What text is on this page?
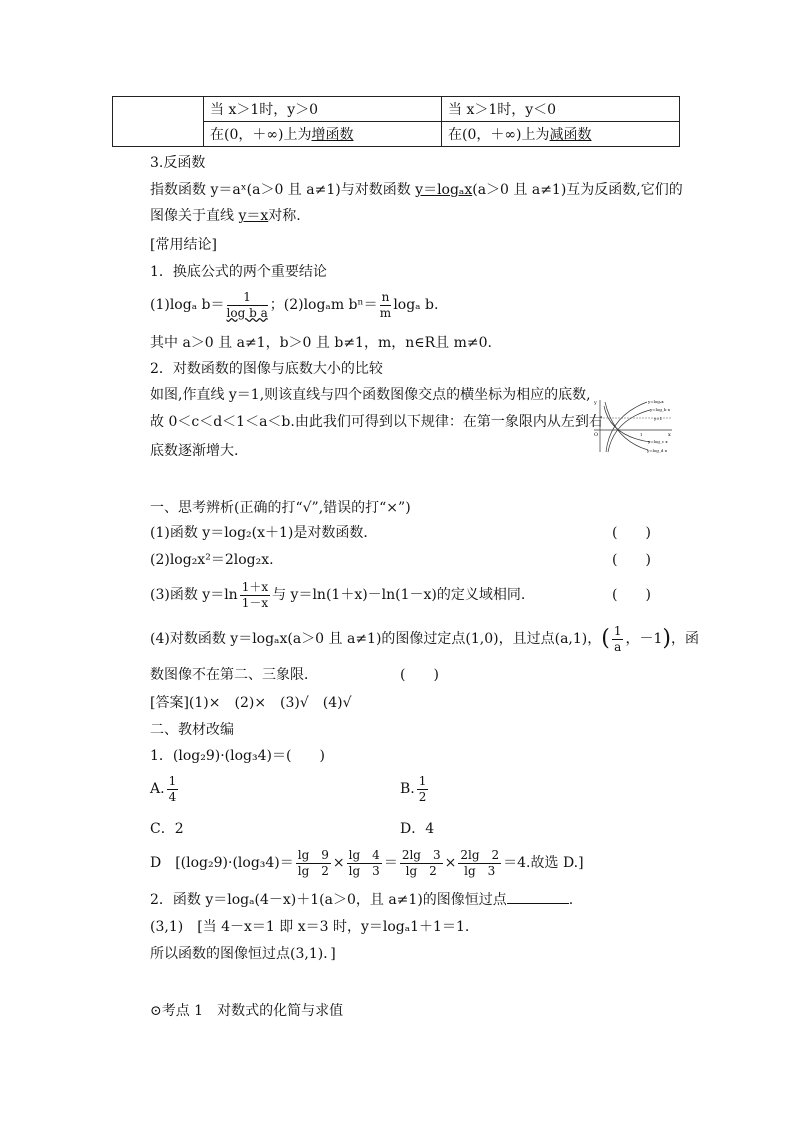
	当 x＞1时，y＞0	当 x＞1时，y＜0
	在(0，＋∞)上为增函数	在(0，＋∞)上为减函数
3.反函数
指数函数 y＝aˣ(a＞0 且 a≠1)与对数函数 y＝logₐx(a＞0 且 a≠1)互为反函数,它们的
图像关于直线 y＝x对称.
[常用结论]
1．换底公式的两个重要结论
(1)logₐ $b= \frac{1}{\text{log b a}}$ ；(2)logₐm $b^n= \frac{n}{m}$ logₐ b.
其中 a＞0 且 a≠1，b＞0 且 b≠1，m，n∈R且 m≠0.
2．对数函数的图像与底数大小的比较
如图,作直线 y＝1,则该直线与四个函数图像交点的横坐标为相应的底数,
故 0＜c＜d＜1＜a＜b.由此我们可得到以下规律：在第一象限内从左到右
底数逐渐增大.
y
x
O	1
y=logₐx
y=log_b x
y=1
y=log_c x
y=log_d x
一、思考辨析(正确的打“√”,错误的打“×”)
(1)函数 y＝log₂(x＋1)是对数函数．	(　　)
(2)log₂x²＝2log₂x.	(　　)
(3)函数 $y=\ln \frac{1+x}{1-x}$ 与 y＝ln(1＋x)－ln(1－x)的定义域相同.	(　　)
(4)对数函数 y＝logₐx(a＞0 且 a≠1)的图像过定点(1,0)，且过点(a,1)，( $\frac{1}{a}$ ，－1)，函
数图像不在第二、三象限．	(　　)
[答案](1)×　(2)×　(3)√　(4)√
二、教材改编
1．(log₂9)·(log₃4)＝(　　)
A. $\frac{1}{4}$	B. $\frac{1}{2}$
C．2	D．4
D　[$(\log_29)\cdot(\log_34)= \frac{\lg 9}{\lg 2} \times \frac{\lg 4}{\lg 3} = \frac{2\lg 3}{\lg 2} \times \frac{2\lg 2}{\lg 3} =4$.故选 D.]
2．函数 y＝logₐ(4－x)＋1(a＞0，且 a≠1)的图像恒过点	.
(3,1)　[当 4－x＝1 即 x＝3 时，y＝logₐ1＋1＝1.
所以函数的图像恒过点(3,1)．]
⊙考点 1　对数式的化简与求值
